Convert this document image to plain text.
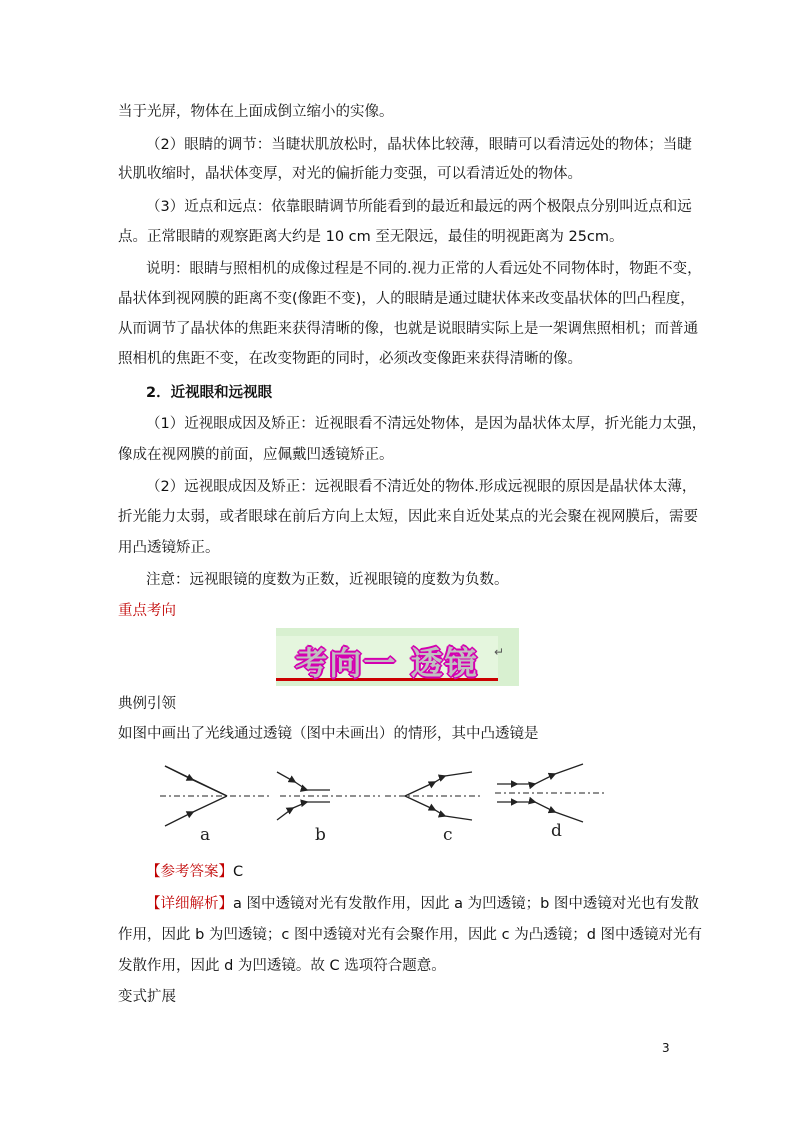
当于光屏，物体在上面成倒立缩小的实像。
（2）眼睛的调节：当睫状肌放松时，晶状体比较薄，眼睛可以看清远处的物体；当睫
状肌收缩时，晶状体变厚，对光的偏折能力变强，可以看清近处的物体。
（3）近点和远点：依靠眼睛调节所能看到的最近和最远的两个极限点分别叫近点和远
点。正常眼睛的观察距离大约是 10 cm 至无限远，最佳的明视距离为 25cm。
说明：眼睛与照相机的成像过程是不同的.视力正常的人看远处不同物体时，物距不变，
晶状体到视网膜的距离不变(像距不变)，人的眼睛是通过睫状体来改变晶状体的凹凸程度，
从而调节了晶状体的焦距来获得清晰的像，也就是说眼睛实际上是一架调焦照相机；而普通
照相机的焦距不变，在改变物距的同时，必须改变像距来获得清晰的像。
2．近视眼和远视眼
（1）近视眼成因及矫正：近视眼看不清远处物体，是因为晶状体太厚，折光能力太强，
像成在视网膜的前面，应佩戴凹透镜矫正。
（2）远视眼成因及矫正：远视眼看不清近处的物体.形成远视眼的原因是晶状体太薄，
折光能力太弱，或者眼球在前后方向上太短，因此来自近处某点的光会聚在视网膜后，需要
用凸透镜矫正。
注意：远视眼镜的度数为正数，近视眼镜的度数为负数。
重点考向
考向一 透镜	↵
典例引领
如图中画出了光线通过透镜（图中未画出）的情形，其中凸透镜是
a	b	c	d
【参考答案】C
【详细解析】a 图中透镜对光有发散作用，因此 a 为凹透镜；b 图中透镜对光也有发散
作用，因此 b 为凹透镜；c 图中透镜对光有会聚作用，因此 c 为凸透镜；d 图中透镜对光有
发散作用，因此 d 为凹透镜。故 C 选项符合题意。
变式扩展
3
